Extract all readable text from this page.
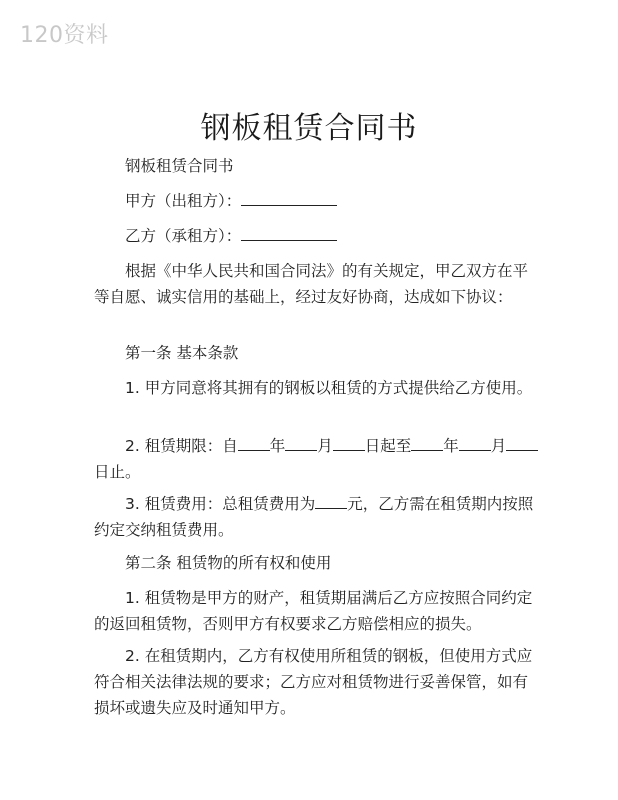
120资料
钢板租赁合同书

钢板租赁合同书

甲方（出租方）：

乙方（承租方）：

根据《中华人民共和国合同法》的有关规定，甲乙双方在平等自愿、诚实信用的基础上，经过友好协商，达成如下协议：

第一条 基本条款

1. 甲方同意将其拥有的钢板以租赁的方式提供给乙方使用。

2. 租赁期限：自 年 月 日起至 年 月日止。

3. 租赁费用：总租赁费用为 元，乙方需在租赁期内按照约定交纳租赁费用。

第二条 租赁物的所有权和使用

1. 租赁物是甲方的财产，租赁期届满后乙方应按照合同约定的返回租赁物，否则甲方有权要求乙方赔偿相应的损失。

2. 在租赁期内，乙方有权使用所租赁的钢板，但使用方式应符合相关法律法规的要求；乙方应对租赁物进行妥善保管，如有损坏或遗失应及时通知甲方。
